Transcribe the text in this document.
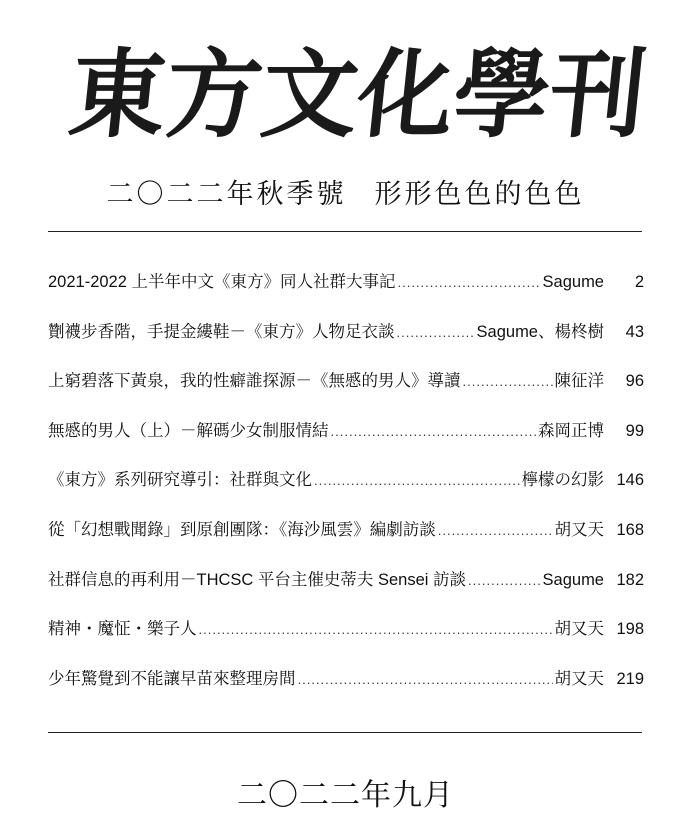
東
方
文
化
學
刊
二〇二二年秋季號 形形色色的色色
2021-2022 上半年中文《東方》同人社群大事記 .....	Sagume	2
劗襪步香階，手提金縷鞋－《東方》人物足衣談 .....	Sagume、楊柊樹	43
上窮碧落下黃泉，我的性癖誰探源－《無慼的男人》導讀 .....	陳征洋	96
無慼的男人（上）－解碼少女制服情結 .....	森岡正博	99
《東方》系列研究導引：社群與文化 .....	檸檬の幻影 146
從「幻想戰聞錄」到原創團隊：《海沙風雲》編劇訪談 .....	胡又天 168
社群信息的再利用－THCSC 平台主催史蒂夫 Sensei 訪談 .....	Sagume 182
精神・魔怔・樂子人 .....	胡又天 198
少年驚覺到不能讓早苗來整理房間 .....	胡又天 219
二〇二二年九月
